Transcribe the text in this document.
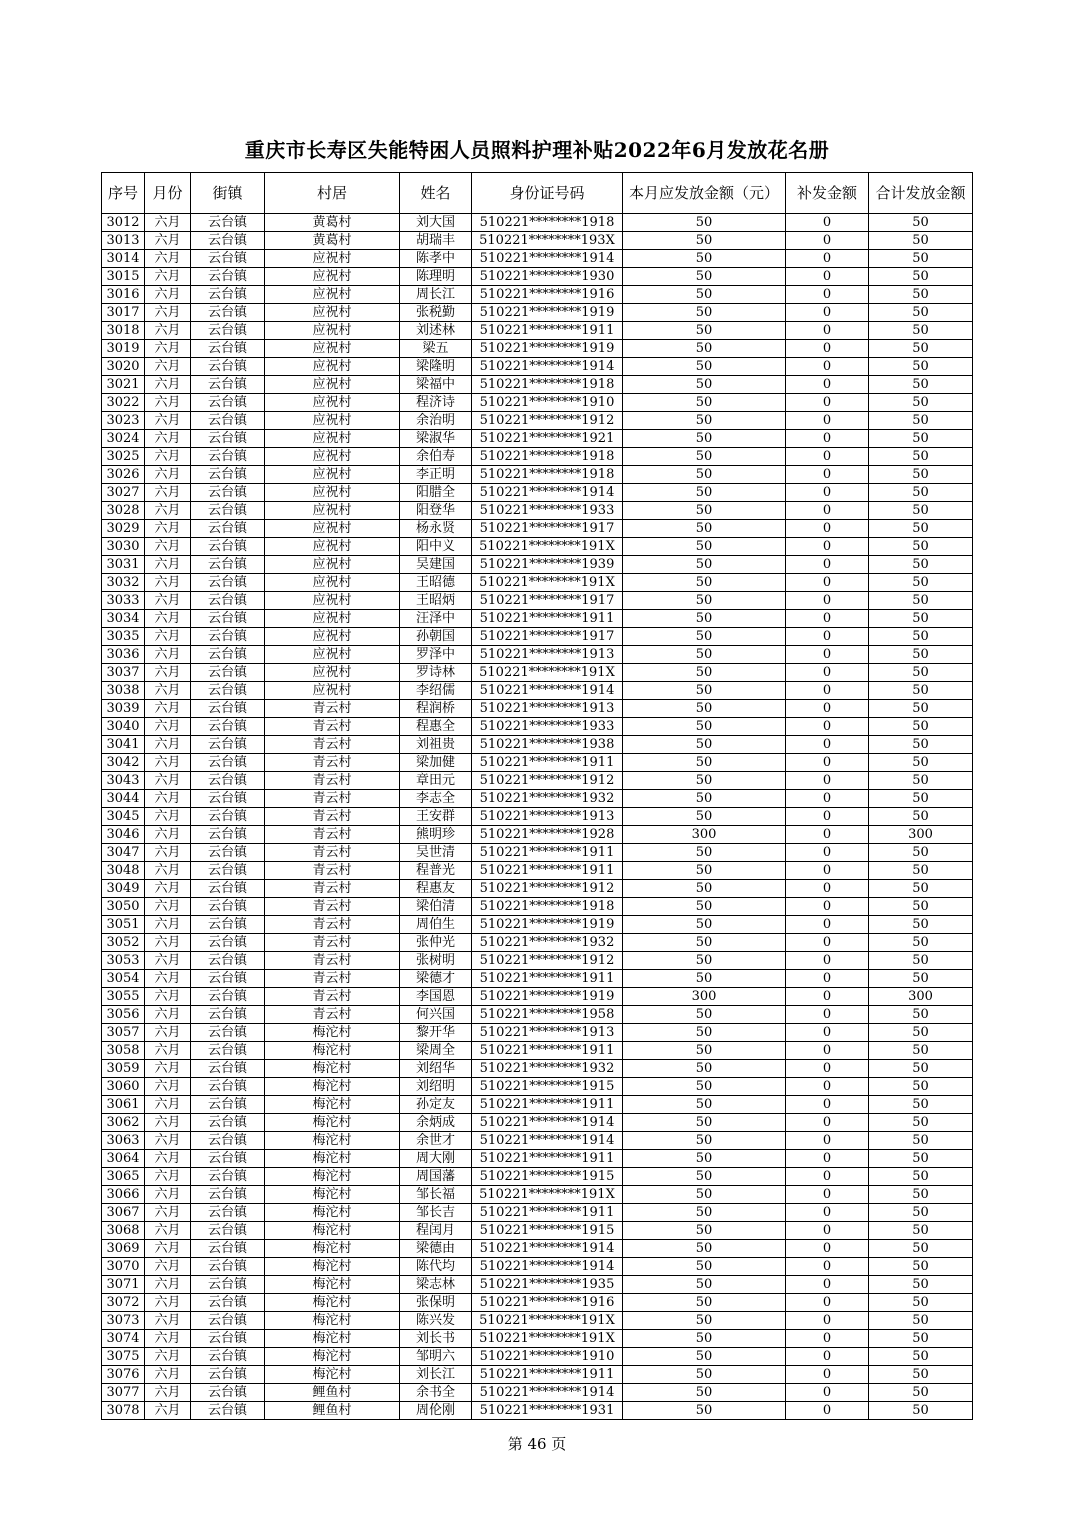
重庆市长寿区失能特困人员照料护理补贴2022年6月发放花名册
序号	月份	街镇	村居	姓名	身份证号码	本月应发放金额（元）	补发金额	合计发放金额
3012	六月	云台镇	黄葛村	刘大国	510221********1918	50	0	50
3013	六月	云台镇	黄葛村	胡瑞丰	510221********193X	50	0	50
3014	六月	云台镇	应祝村	陈孝中	510221********1914	50	0	50
3015	六月	云台镇	应祝村	陈理明	510221********1930	50	0	50
3016	六月	云台镇	应祝村	周长江	510221********1916	50	0	50
3017	六月	云台镇	应祝村	张税勤	510221********1919	50	0	50
3018	六月	云台镇	应祝村	刘述林	510221********1911	50	0	50
3019	六月	云台镇	应祝村	梁五	510221********1919	50	0	50
3020	六月	云台镇	应祝村	梁隆明	510221********1914	50	0	50
3021	六月	云台镇	应祝村	梁福中	510221********1918	50	0	50
3022	六月	云台镇	应祝村	程济诗	510221********1910	50	0	50
3023	六月	云台镇	应祝村	余治明	510221********1912	50	0	50
3024	六月	云台镇	应祝村	梁淑华	510221********1921	50	0	50
3025	六月	云台镇	应祝村	余伯寿	510221********1918	50	0	50
3026	六月	云台镇	应祝村	李正明	510221********1918	50	0	50
3027	六月	云台镇	应祝村	阳腊全	510221********1914	50	0	50
3028	六月	云台镇	应祝村	阳登华	510221********1933	50	0	50
3029	六月	云台镇	应祝村	杨永贤	510221********1917	50	0	50
3030	六月	云台镇	应祝村	阳中义	510221********191X	50	0	50
3031	六月	云台镇	应祝村	吴建国	510221********1939	50	0	50
3032	六月	云台镇	应祝村	王昭德	510221********191X	50	0	50
3033	六月	云台镇	应祝村	王昭炳	510221********1917	50	0	50
3034	六月	云台镇	应祝村	汪泽中	510221********1911	50	0	50
3035	六月	云台镇	应祝村	孙朝国	510221********1917	50	0	50
3036	六月	云台镇	应祝村	罗泽中	510221********1913	50	0	50
3037	六月	云台镇	应祝村	罗诗林	510221********191X	50	0	50
3038	六月	云台镇	应祝村	李绍儒	510221********1914	50	0	50
3039	六月	云台镇	青云村	程润桥	510221********1913	50	0	50
3040	六月	云台镇	青云村	程惠全	510221********1933	50	0	50
3041	六月	云台镇	青云村	刘祖贵	510221********1938	50	0	50
3042	六月	云台镇	青云村	梁加健	510221********1911	50	0	50
3043	六月	云台镇	青云村	章田元	510221********1912	50	0	50
3044	六月	云台镇	青云村	李志全	510221********1932	50	0	50
3045	六月	云台镇	青云村	王安群	510221********1913	50	0	50
3046	六月	云台镇	青云村	熊明珍	510221********1928	300	0	300
3047	六月	云台镇	青云村	吴世清	510221********1911	50	0	50
3048	六月	云台镇	青云村	程普光	510221********1911	50	0	50
3049	六月	云台镇	青云村	程惠友	510221********1912	50	0	50
3050	六月	云台镇	青云村	梁伯清	510221********1918	50	0	50
3051	六月	云台镇	青云村	周伯生	510221********1919	50	0	50
3052	六月	云台镇	青云村	张仲光	510221********1932	50	0	50
3053	六月	云台镇	青云村	张树明	510221********1912	50	0	50
3054	六月	云台镇	青云村	梁德才	510221********1911	50	0	50
3055	六月	云台镇	青云村	李国恩	510221********1919	300	0	300
3056	六月	云台镇	青云村	何兴国	510221********1958	50	0	50
3057	六月	云台镇	梅沱村	黎开华	510221********1913	50	0	50
3058	六月	云台镇	梅沱村	梁周全	510221********1911	50	0	50
3059	六月	云台镇	梅沱村	刘绍华	510221********1932	50	0	50
3060	六月	云台镇	梅沱村	刘绍明	510221********1915	50	0	50
3061	六月	云台镇	梅沱村	孙定友	510221********1911	50	0	50
3062	六月	云台镇	梅沱村	余炳成	510221********1914	50	0	50
3063	六月	云台镇	梅沱村	余世才	510221********1914	50	0	50
3064	六月	云台镇	梅沱村	周大刚	510221********1911	50	0	50
3065	六月	云台镇	梅沱村	周国藩	510221********1915	50	0	50
3066	六月	云台镇	梅沱村	邹长福	510221********191X	50	0	50
3067	六月	云台镇	梅沱村	邹长吉	510221********1911	50	0	50
3068	六月	云台镇	梅沱村	程闰月	510221********1915	50	0	50
3069	六月	云台镇	梅沱村	梁德由	510221********1914	50	0	50
3070	六月	云台镇	梅沱村	陈代均	510221********1914	50	0	50
3071	六月	云台镇	梅沱村	梁志林	510221********1935	50	0	50
3072	六月	云台镇	梅沱村	张保明	510221********1916	50	0	50
3073	六月	云台镇	梅沱村	陈兴发	510221********191X	50	0	50
3074	六月	云台镇	梅沱村	刘长书	510221********191X	50	0	50
3075	六月	云台镇	梅沱村	邹明六	510221********1910	50	0	50
3076	六月	云台镇	梅沱村	刘长江	510221********1911	50	0	50
3077	六月	云台镇	鲤鱼村	余书全	510221********1914	50	0	50
3078	六月	云台镇	鲤鱼村	周伦刚	510221********1931	50	0	50
第 46 页
